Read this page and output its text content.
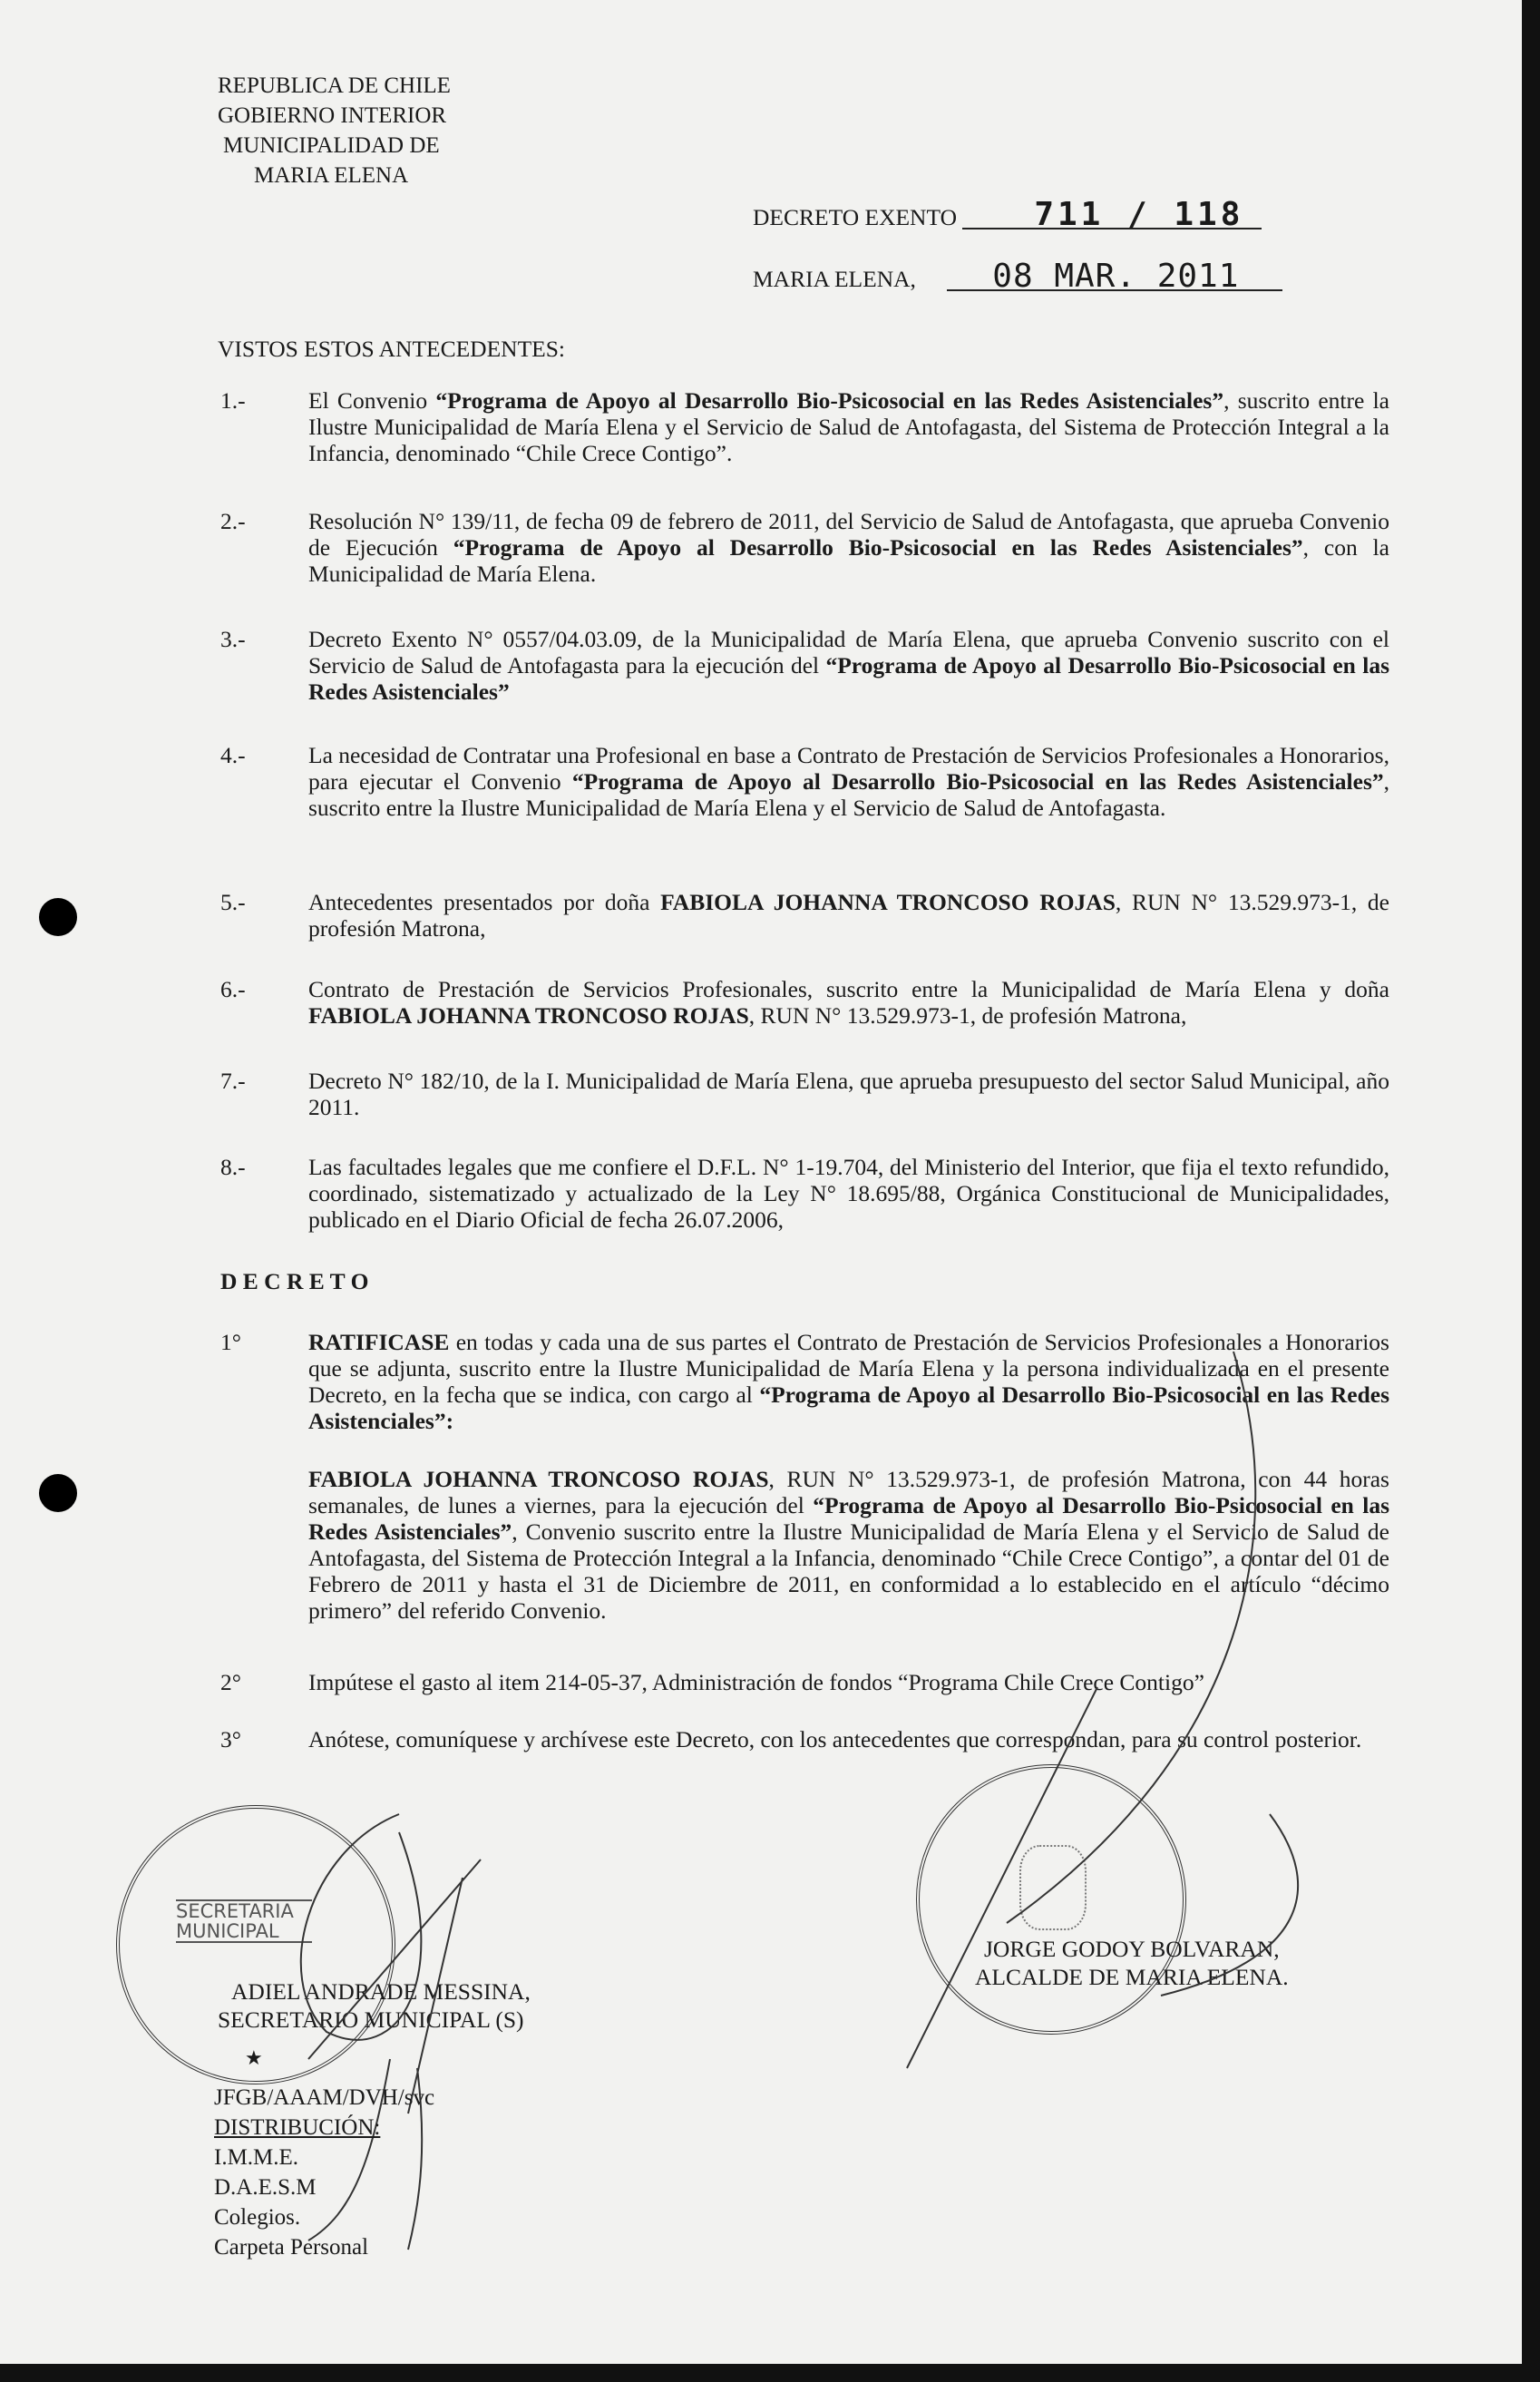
REPUBLICA DE CHILE
GOBIERNO INTERIOR
MUNICIPALIDAD DE
MARIA ELENA
DECRETO EXENTO 711 / 118
MARIA ELENA, 08 MAR. 2011
VISTOS ESTOS ANTECEDENTES:
1.-	El Convenio “Programa de Apoyo al Desarrollo Bio-Psicosocial en las Redes Asistenciales”, suscrito entre la Ilustre Municipalidad de María Elena y el Servicio de Salud de Antofagasta, del Sistema de Protección Integral a la Infancia, denominado “Chile Crece Contigo”.
2.-	Resolución N° 139/11, de fecha 09 de febrero de 2011, del Servicio de Salud de Antofagasta, que aprueba Convenio de Ejecución “Programa de Apoyo al Desarrollo Bio-Psicosocial en las Redes Asistenciales”, con la Municipalidad de María Elena.
3.-	Decreto Exento N° 0557/04.03.09, de la Municipalidad de María Elena, que aprueba Convenio suscrito con el Servicio de Salud de Antofagasta para la ejecución del “Programa de Apoyo al Desarrollo Bio-Psicosocial en las Redes Asistenciales”
4.-	La necesidad de Contratar una Profesional en base a Contrato de Prestación de Servicios Profesionales a Honorarios, para ejecutar el Convenio “Programa de Apoyo al Desarrollo Bio-Psicosocial en las Redes Asistenciales”, suscrito entre la Ilustre Municipalidad de María Elena y el Servicio de Salud de Antofagasta.
5.-	Antecedentes presentados por doña FABIOLA JOHANNA TRONCOSO ROJAS, RUN N° 13.529.973-1, de profesión Matrona,
6.-	Contrato de Prestación de Servicios Profesionales, suscrito entre la Municipalidad de María Elena y doña FABIOLA JOHANNA TRONCOSO ROJAS, RUN N° 13.529.973-1, de profesión Matrona,
7.-	Decreto N° 182/10, de la I. Municipalidad de María Elena, que aprueba presupuesto del sector Salud Municipal, año 2011.
8.-	Las facultades legales que me confiere el D.F.L. N° 1-19.704, del Ministerio del Interior, que fija el texto refundido, coordinado, sistematizado y actualizado de la Ley N° 18.695/88, Orgánica Constitucional de Municipalidades, publicado en el Diario Oficial de fecha 26.07.2006,
D E C R E T O
1°	RATIFICASE en todas y cada una de sus partes el Contrato de Prestación de Servicios Profesionales a Honorarios que se adjunta, suscrito entre la Ilustre Municipalidad de María Elena y la persona individualizada en el presente Decreto, en la fecha que se indica, con cargo al “Programa de Apoyo al Desarrollo Bio-Psicosocial en las Redes Asistenciales”:
FABIOLA JOHANNA TRONCOSO ROJAS, RUN N° 13.529.973-1, de profesión Matrona, con 44 horas semanales, de lunes a viernes, para la ejecución del “Programa de Apoyo al Desarrollo Bio-Psicosocial en las Redes Asistenciales”, Convenio suscrito entre la Ilustre Municipalidad de María Elena y el Servicio de Salud de Antofagasta, del Sistema de Protección Integral a la Infancia, denominado “Chile Crece Contigo”, a contar del 01 de Febrero de 2011 y hasta el 31 de Diciembre de 2011, en conformidad a lo establecido en el artículo “décimo primero” del referido Convenio.
2°	Impútese el gasto al item 214-05-37, Administración de fondos “Programa Chile Crece Contigo”
3°	Anótese, comuníquese y archívese este Decreto, con los antecedentes que correspondan, para su control posterior.
SECRETARIA MUNICIPAL
★
ADIEL ANDRADE MESSINA,
SECRETARIO MUNICIPAL (S)
JORGE GODOY BOLVARAN,
ALCALDE DE MARIA ELENA.
JFGB/AAAM/DVH/svc
DISTRIBUCIÓN:
I.M.M.E.
D.A.E.S.M
Colegios.
Carpeta Personal
